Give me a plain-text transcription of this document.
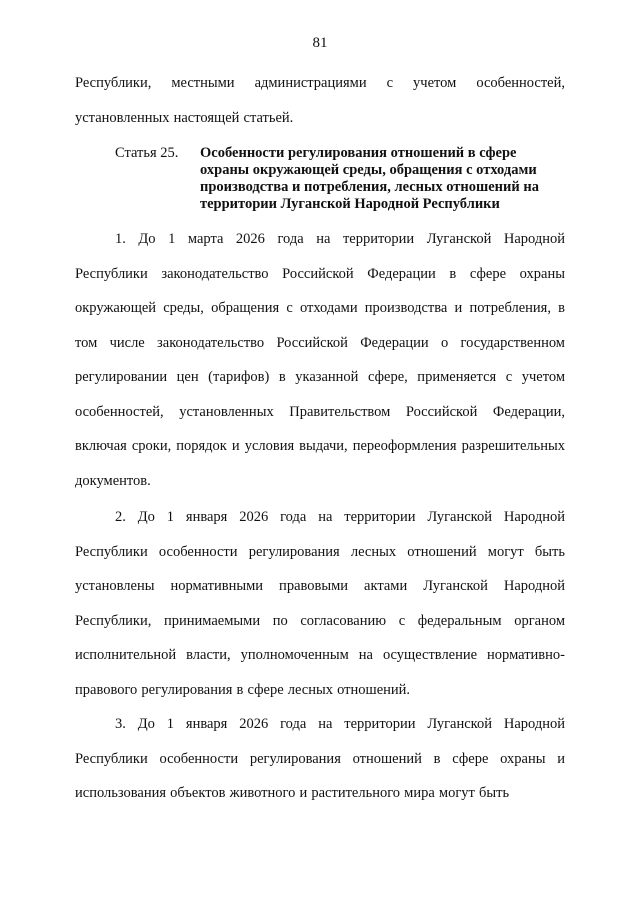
81
Республики, местными администрациями с учетом особенностей, установленных настоящей статьей.
Статья 25. Особенности регулирования отношений в сфере охраны окружающей среды, обращения с отходами производства и потребления, лесных отношений на территории Луганской Народной Республики
1. До 1 марта 2026 года на территории Луганской Народной Республики законодательство Российской Федерации в сфере охраны окружающей среды, обращения с отходами производства и потребления, в том числе законодательство Российской Федерации о государственном регулировании цен (тарифов) в указанной сфере, применяется с учетом особенностей, установленных Правительством Российской Федерации, включая сроки, порядок и условия выдачи, переоформления разрешительных документов.
2. До 1 января 2026 года на территории Луганской Народной Республики особенности регулирования лесных отношений могут быть установлены нормативными правовыми актами Луганской Народной Республики, принимаемыми по согласованию с федеральным органом исполнительной власти, уполномоченным на осуществление нормативно-правового регулирования в сфере лесных отношений.
3. До 1 января 2026 года на территории Луганской Народной Республики особенности регулирования отношений в сфере охраны и использования объектов животного и растительного мира могут быть
